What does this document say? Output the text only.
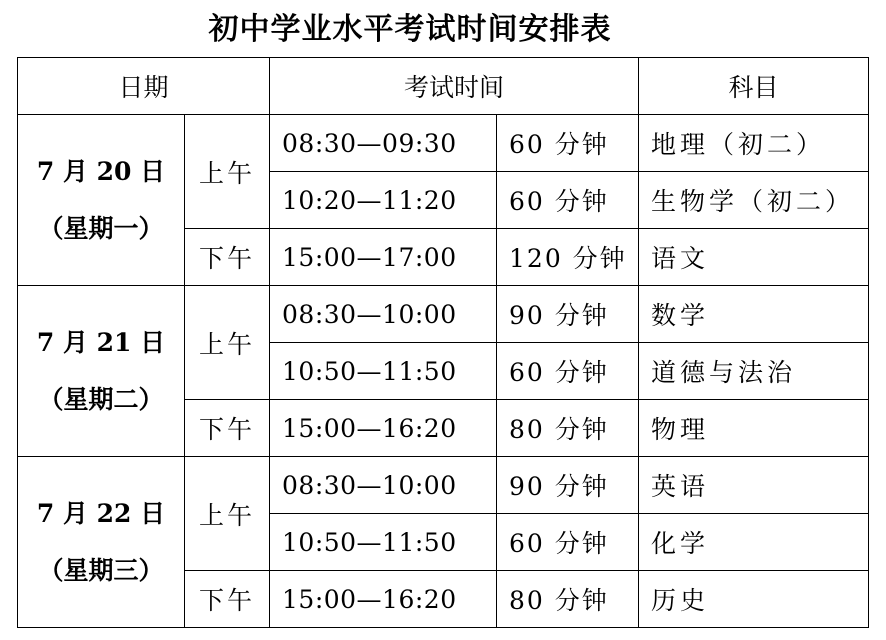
初中学业水平考试时间安排表
日期		考试时间		科目

7 月 20 日
（星期一）	上午	08:30—09:30	60 分钟	地理（初二）
		10:20—11:20	60 分钟	生物学（初二）
	下午	15:00—17:00	120 分钟	语文

7 月 21 日
（星期二）	上午	08:30—10:00	90 分钟	数学
		10:50—11:50	60 分钟	道德与法治
	下午	15:00—16:20	80 分钟	物理

7 月 22 日
（星期三）	上午	08:30—10:00	90 分钟	英语
		10:50—11:50	60 分钟	化学
	下午	15:00—16:20	80 分钟	历史
